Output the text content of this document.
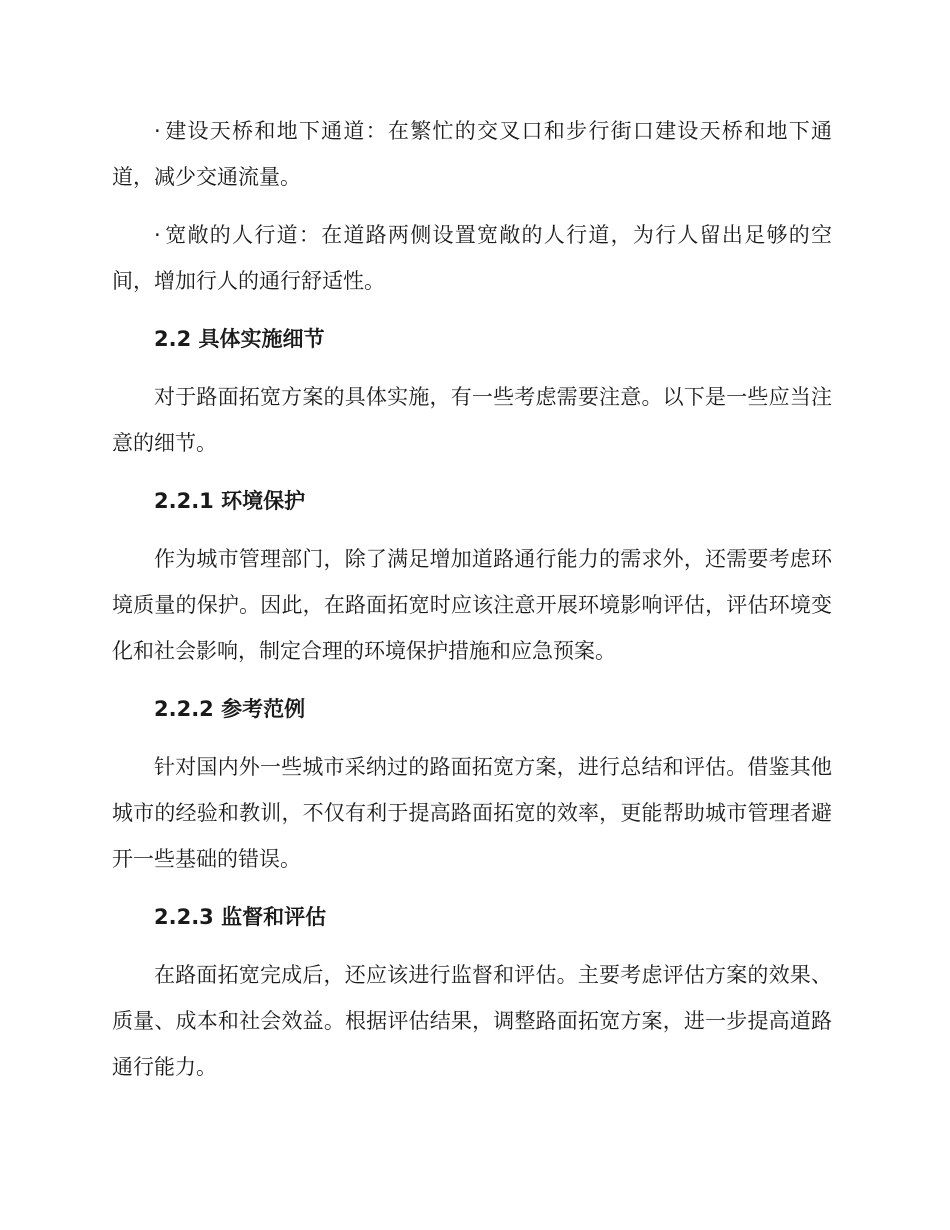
· 建设天桥和地下通道：在繁忙的交叉口和步行街口建设天桥和地下通道，减少交通流量。

· 宽敞的人行道：在道路两侧设置宽敞的人行道，为行人留出足够的空间，增加行人的通行舒适性。

2.2 具体实施细节

对于路面拓宽方案的具体实施，有一些考虑需要注意。以下是一些应当注意的细节。

2.2.1 环境保护

作为城市管理部门，除了满足增加道路通行能力的需求外，还需要考虑环境质量的保护。因此，在路面拓宽时应该注意开展环境影响评估，评估环境变化和社会影响，制定合理的环境保护措施和应急预案。

2.2.2 参考范例

针对国内外一些城市采纳过的路面拓宽方案，进行总结和评估。借鉴其他城市的经验和教训，不仅有利于提高路面拓宽的效率，更能帮助城市管理者避开一些基础的错误。

2.2.3 监督和评估

在路面拓宽完成后，还应该进行监督和评估。主要考虑评估方案的效果、质量、成本和社会效益。根据评估结果，调整路面拓宽方案，进一步提高道路通行能力。
